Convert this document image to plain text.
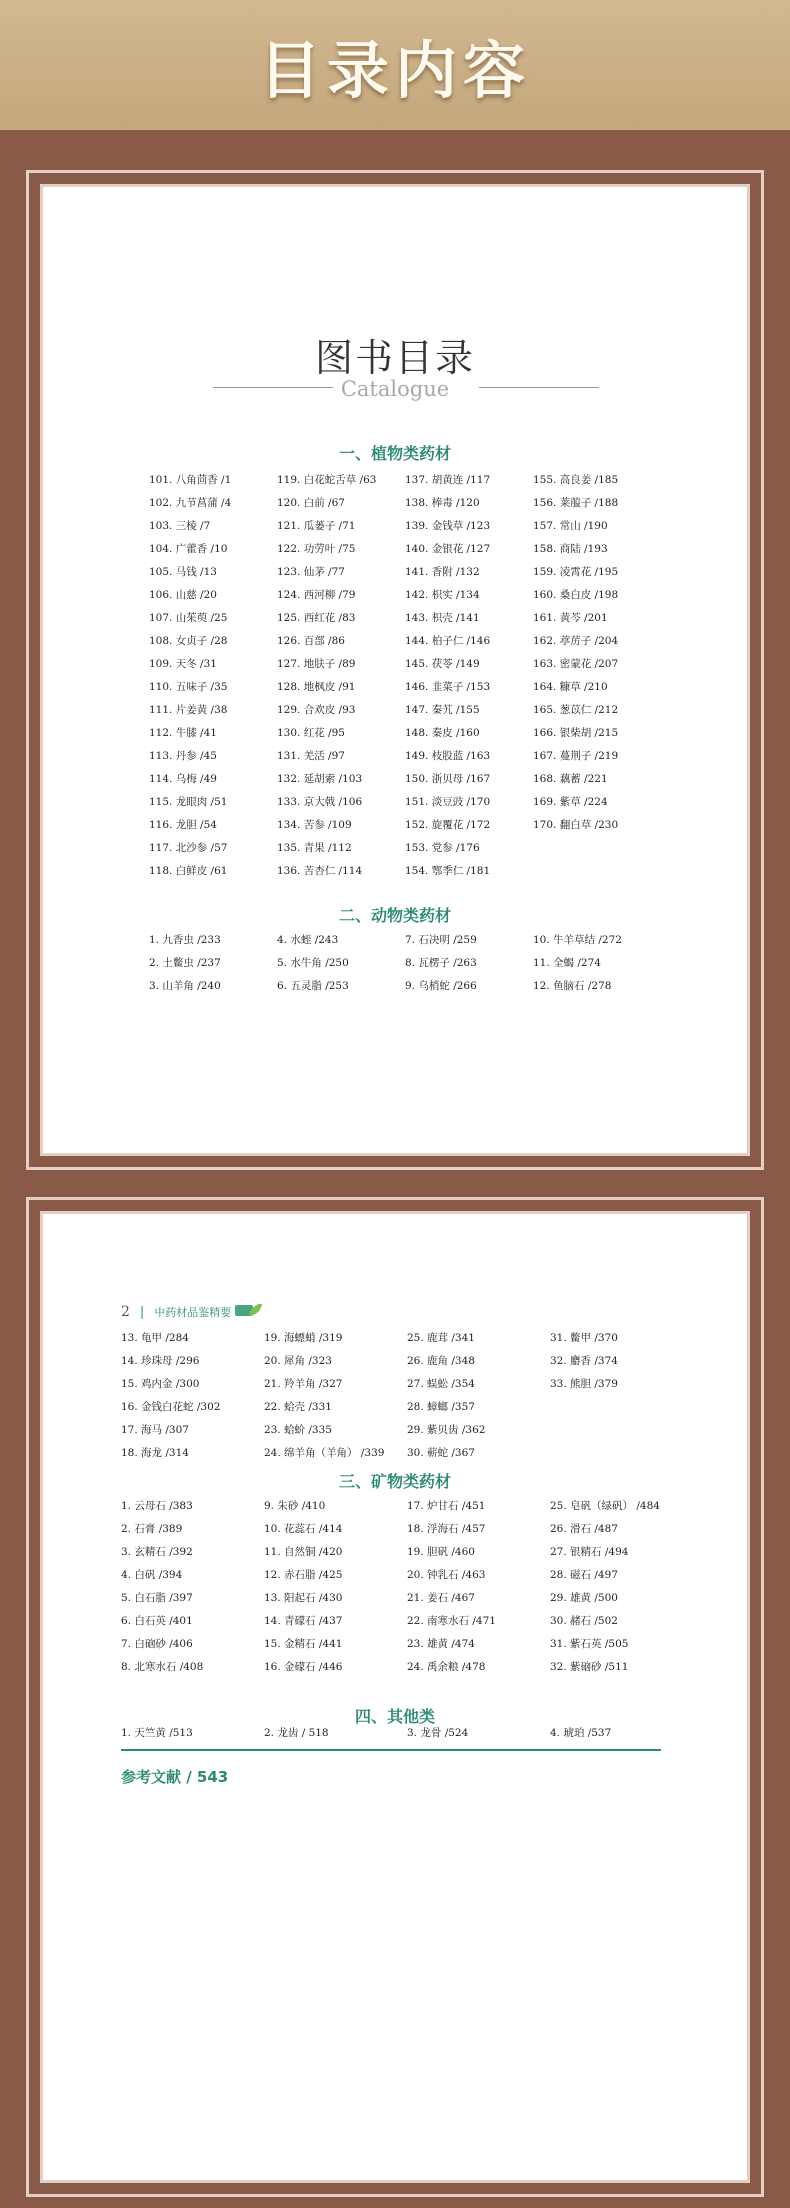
目录内容
图书目录
Catalogue
一、植物类药材
101. 八角茴香 /1	119. 白花蛇舌草 /63	137. 胡黄连 /117	155. 高良姜 /185
102. 九节菖蒲 /4	120. 白前 /67	138. 棒毒 /120	156. 莱菔子 /188
103. 三棱 /7	121. 瓜蒌子 /71	139. 金钱草 /123	157. 常山 /190
104. 广藿香 /10	122. 功劳叶 /75	140. 金银花 /127	158. 商陆 /193
105. 马钱 /13	123. 仙茅 /77	141. 香附 /132	159. 凌霄花 /195
106. 山慈 /20	124. 西河柳 /79	142. 枳实 /134	160. 桑白皮 /198
107. 山茱萸 /25	125. 西红花 /83	143. 枳壳 /141	161. 黄芩 /201
108. 女贞子 /28	126. 百部 /86	144. 柏子仁 /146	162. 葶苈子 /204
109. 天冬 /31	127. 地肤子 /89	145. 茯苓 /149	163. 密蒙花 /207
110. 五味子 /35	128. 地枫皮 /91	146. 韭菜子 /153	164. 糠草 /210
111. 片姜黄 /38	129. 合欢皮 /93	147. 秦艽 /155	165. 葱苡仁 /212
112. 牛膝 /41	130. 红花 /95	148. 秦皮 /160	166. 银柴胡 /215
113. 丹参 /45	131. 羌活 /97	149. 枝股蓝 /163	167. 蔓荆子 /219
114. 乌梅 /49	132. 延胡索 /103	150. 浙贝母 /167	168. 藕蓄 /221
115. 龙眼肉 /51	133. 京大戟 /106	151. 淡豆豉 /170	169. 紫草 /224
116. 龙胆 /54	134. 苦参 /109	152. 旋覆花 /172	170. 翻白草 /230
117. 北沙参 /57	135. 青果 /112	153. 党参 /176
118. 白鲜皮 /61	136. 苦杏仁 /114	154. 鄂季仁 /181
二、动物类药材
1. 九香虫 /233	4. 水蛭 /243	7. 石决明 /259	10. 牛羊草结 /272
2. 土鳖虫 /237	5. 水牛角 /250	8. 瓦楞子 /263	11. 全蝎 /274
3. 山羊角 /240	6. 五灵脂 /253	9. 乌梢蛇 /266	12. 鱼脑石 /278
2 | 中药材品鉴精要
13. 龟甲 /284	19. 海螵蛸 /319	25. 鹿茸 /341	31. 鳖甲 /370
14. 珍珠母 /296	20. 犀角 /323	26. 鹿角 /348	32. 麝香 /374
15. 鸡内金 /300	21. 羚羊角 /327	27. 蜈蚣 /354	33. 熊胆 /379
16. 金钱白花蛇 /302	22. 蛤壳 /331	28. 蟑螂 /357
17. 海马 /307	23. 蛤蚧 /335	29. 紫贝齿 /362
18. 海龙 /314	24. 绵羊角（羊角） /339	30. 蕲蛇 /367
三、矿物类药材
1. 云母石 /383	9. 朱砂 /410	17. 炉甘石 /451	25. 皂矾（绿矾） /484
2. 石膏 /389	10. 花蕊石 /414	18. 浮海石 /457	26. 滑石 /487
3. 玄精石 /392	11. 自然铜 /420	19. 胆矾 /460	27. 银精石 /494
4. 白矾 /394	12. 赤石脂 /425	20. 钟乳石 /463	28. 磁石 /497
5. 白石脂 /397	13. 阳起石 /430	21. 姜石 /467	29. 雄黄 /500
6. 白石英 /401	14. 青礞石 /437	22. 南寒水石 /471	30. 赭石 /502
7. 白硇砂 /406	15. 金精石 /441	23. 雄黄 /474	31. 紫石英 /505
8. 北寒水石 /408	16. 金礞石 /446	24. 禹余粮 /478	32. 紫硇砂 /511
四、其他类
1. 天竺黄 /513	2. 龙齿 / 518	3. 龙骨 /524	4. 琥珀 /537
参考文献 / 543
